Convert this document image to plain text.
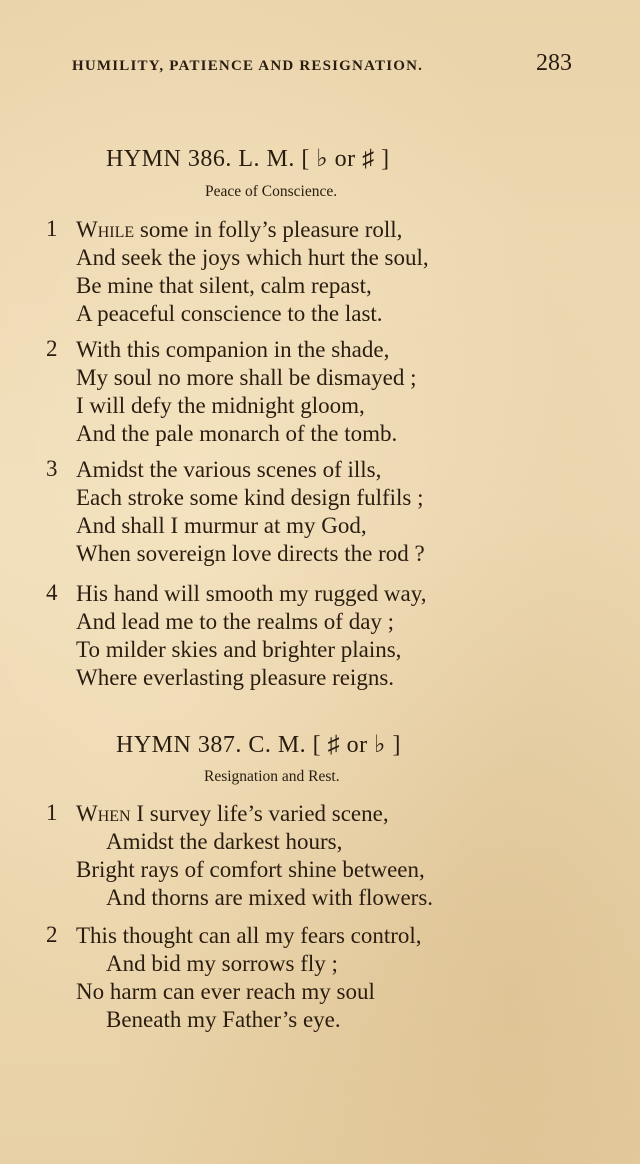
HUMILITY, PATIENCE AND RESIGNATION.	283
HYMN 386. L. M. [ ♭ or ♯ ]
Peace of Conscience.
1 While some in folly’s pleasure roll,
And seek the joys which hurt the soul,
Be mine that silent, calm repast,
A peaceful conscience to the last.
2 With this companion in the shade,
My soul no more shall be dismayed ;
I will defy the midnight gloom,
And the pale monarch of the tomb.
3 Amidst the various scenes of ills,
Each stroke some kind design fulfils ;
And shall I murmur at my God,
When sovereign love directs the rod ?
4 His hand will smooth my rugged way,
And lead me to the realms of day ;
To milder skies and brighter plains,
Where everlasting pleasure reigns.
HYMN 387. C. M. [ ♯ or ♭ ]
Resignation and Rest.
1 When I survey life’s varied scene,
Amidst the darkest hours,
Bright rays of comfort shine between,
And thorns are mixed with flowers.
2 This thought can all my fears control,
And bid my sorrows fly ;
No harm can ever reach my soul
Beneath my Father’s eye.
